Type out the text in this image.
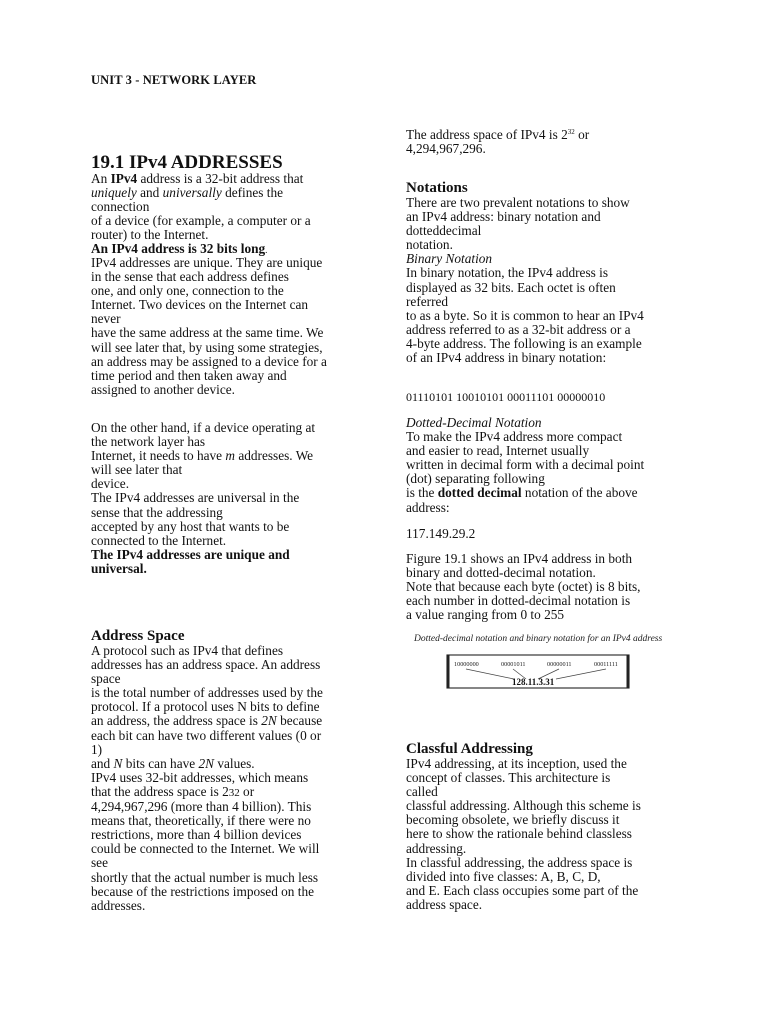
UNIT 3 - NETWORK LAYER
19.1 IPv4 ADDRESSES
An IPv4 address is a 32-bit address that
uniquely and universally defines the
connection
of a device (for example, a computer or a
router) to the Internet.
An IPv4 address is 32 bits long.
IPv4 addresses are unique. They are unique
in the sense that each address defines
one, and only one, connection to the
Internet. Two devices on the Internet can
never
have the same address at the same time. We
will see later that, by using some strategies,
an address may be assigned to a device for a
time period and then taken away and
assigned to another device.
On the other hand, if a device operating at
the network layer has
Internet, it needs to have m addresses. We
will see later that
device.
The IPv4 addresses are universal in the
sense that the addressing
accepted by any host that wants to be
connected to the Internet.
The IPv4 addresses are unique and
universal.
Address Space
A protocol such as IPv4 that defines
addresses has an address space. An address
space
is the total number of addresses used by the
protocol. If a protocol uses N bits to define
an address, the address space is 2N because
each bit can have two different values (0 or
1)
and N bits can have 2N values.
IPv4 uses 32-bit addresses, which means
that the address space is 232 or
4,294,967,296 (more than 4 billion). This
means that, theoretically, if there were no
restrictions, more than 4 billion devices
could be connected to the Internet. We will
see
shortly that the actual number is much less
because of the restrictions imposed on the
addresses.
The address space of IPv4 is $2^{32}$ or
4,294,967,296.
Notations
There are two prevalent notations to show
an IPv4 address: binary notation and
dotteddecimal
notation.
Binary Notation
In binary notation, the IPv4 address is
displayed as 32 bits. Each octet is often
referred
to as a byte. So it is common to hear an IPv4
address referred to as a 32-bit address or a
4-byte address. The following is an example
of an IPv4 address in binary notation:
01110101 10010101 00011101 00000010
Dotted-Decimal Notation
To make the IPv4 address more compact
and easier to read, Internet usually
written in decimal form with a decimal point
(dot) separating following
is the dotted decimal notation of the above
address:
117.149.29.2
Figure 19.1 shows an IPv4 address in both
binary and dotted-decimal notation.
Note that because each byte (octet) is 8 bits,
each number in dotted-decimal notation is
a value ranging from 0 to 255
Dotted-decimal notation and binary notation for an IPv4 address
10000000	00001011	00000011	00011111
128.11.3.31
Classful Addressing
IPv4 addressing, at its inception, used the
concept of classes. This architecture is
called
classful addressing. Although this scheme is
becoming obsolete, we briefly discuss it
here to show the rationale behind classless
addressing.
In classful addressing, the address space is
divided into five classes: A, B, C, D,
and E. Each class occupies some part of the
address space.
